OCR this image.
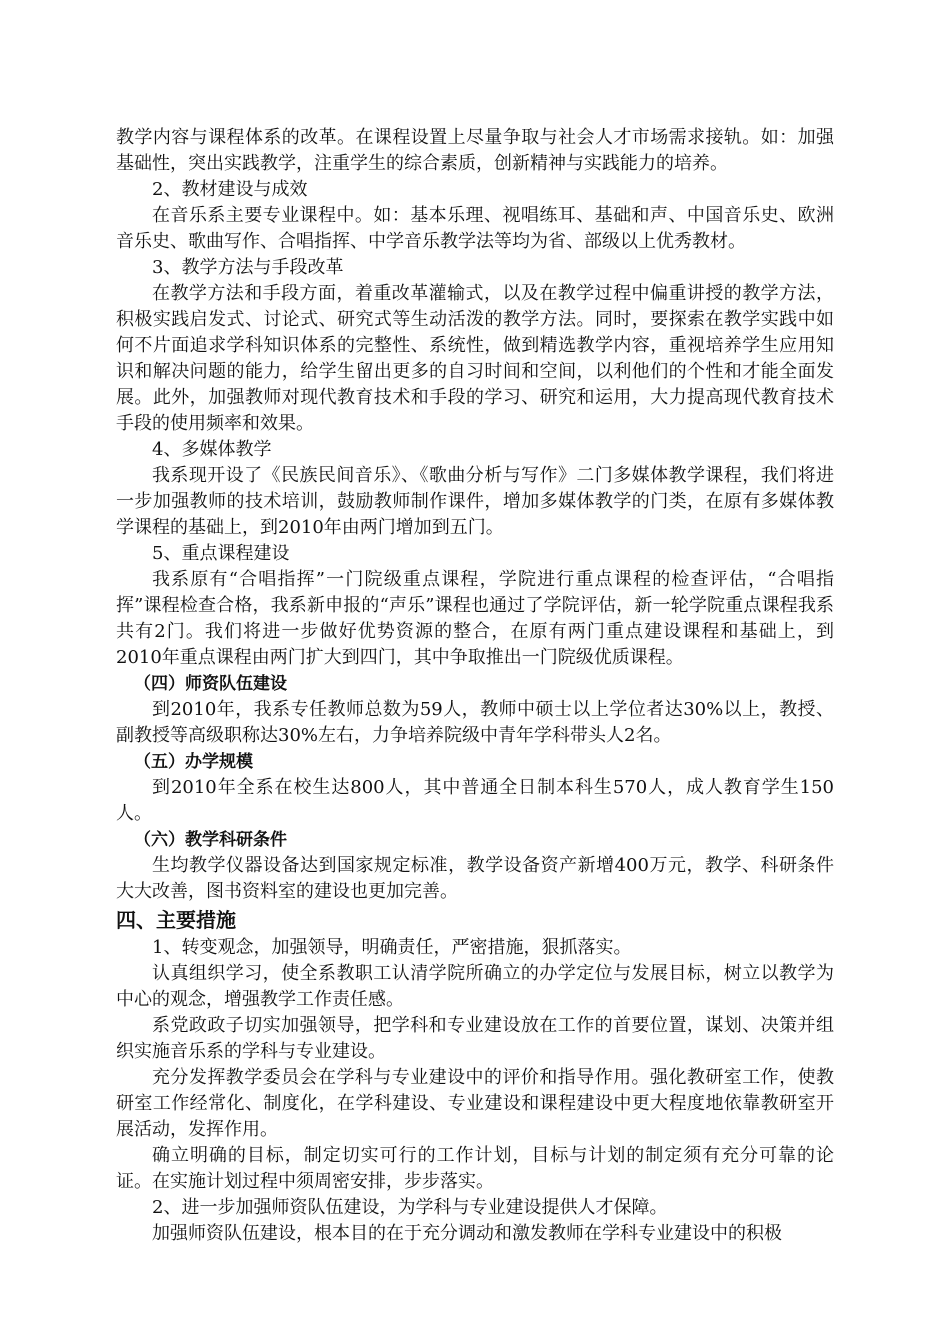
教学内容与课程体系的改革。在课程设置上尽量争取与社会人才市场需求接轨。如：加强基础性，突出实践教学，注重学生的综合素质，创新精神与实践能力的培养。

2、教材建设与成效

在音乐系主要专业课程中。如：基本乐理、视唱练耳、基础和声、中国音乐史、欧洲音乐史、歌曲写作、合唱指挥、中学音乐教学法等均为省、部级以上优秀教材。

3、教学方法与手段改革

在教学方法和手段方面，着重改革灌输式，以及在教学过程中偏重讲授的教学方法，积极实践启发式、讨论式、研究式等生动活泼的教学方法。同时，要探索在教学实践中如何不片面追求学科知识体系的完整性、系统性，做到精选教学内容，重视培养学生应用知识和解决问题的能力，给学生留出更多的自习时间和空间，以利他们的个性和才能全面发展。此外，加强教师对现代教育技术和手段的学习、研究和运用，大力提高现代教育技术手段的使用频率和效果。

4、多媒体教学

我系现开设了《民族民间音乐》、《歌曲分析与写作》二门多媒体教学课程，我们将进一步加强教师的技术培训，鼓励教师制作课件，增加多媒体教学的门类，在原有多媒体教学课程的基础上，到2010年由两门增加到五门。

5、重点课程建设

我系原有“合唱指挥”一门院级重点课程，学院进行重点课程的检查评估，“合唱指挥”课程检查合格，我系新申报的“声乐”课程也通过了学院评估，新一轮学院重点课程我系共有2门。我们将进一步做好优势资源的整合，在原有两门重点建设课程和基础上，到2010年重点课程由两门扩大到四门，其中争取推出一门院级优质课程。

（四）师资队伍建设

到2010年，我系专任教师总数为59人，教师中硕士以上学位者达30%以上，教授、副教授等高级职称达30%左右，力争培养院级中青年学科带头人2名。

（五）办学规模

到2010年全系在校生达800人，其中普通全日制本科生570人，成人教育学生150人。

（六）教学科研条件

生均教学仪器设备达到国家规定标准，教学设备资产新增400万元，教学、科研条件大大改善，图书资料室的建设也更加完善。

四、主要措施

1、转变观念，加强领导，明确责任，严密措施，狠抓落实。

认真组织学习，使全系教职工认清学院所确立的办学定位与发展目标，树立以教学为中心的观念，增强教学工作责任感。

系党政政子切实加强领导，把学科和专业建设放在工作的首要位置，谋划、决策并组织实施音乐系的学科与专业建设。

充分发挥教学委员会在学科与专业建设中的评价和指导作用。强化教研室工作，使教研室工作经常化、制度化，在学科建设、专业建设和课程建设中更大程度地依靠教研室开展活动，发挥作用。

确立明确的目标，制定切实可行的工作计划，目标与计划的制定须有充分可靠的论证。在实施计划过程中须周密安排，步步落实。

2、进一步加强师资队伍建设，为学科与专业建设提供人才保障。

加强师资队伍建设，根本目的在于充分调动和激发教师在学科专业建设中的积极
